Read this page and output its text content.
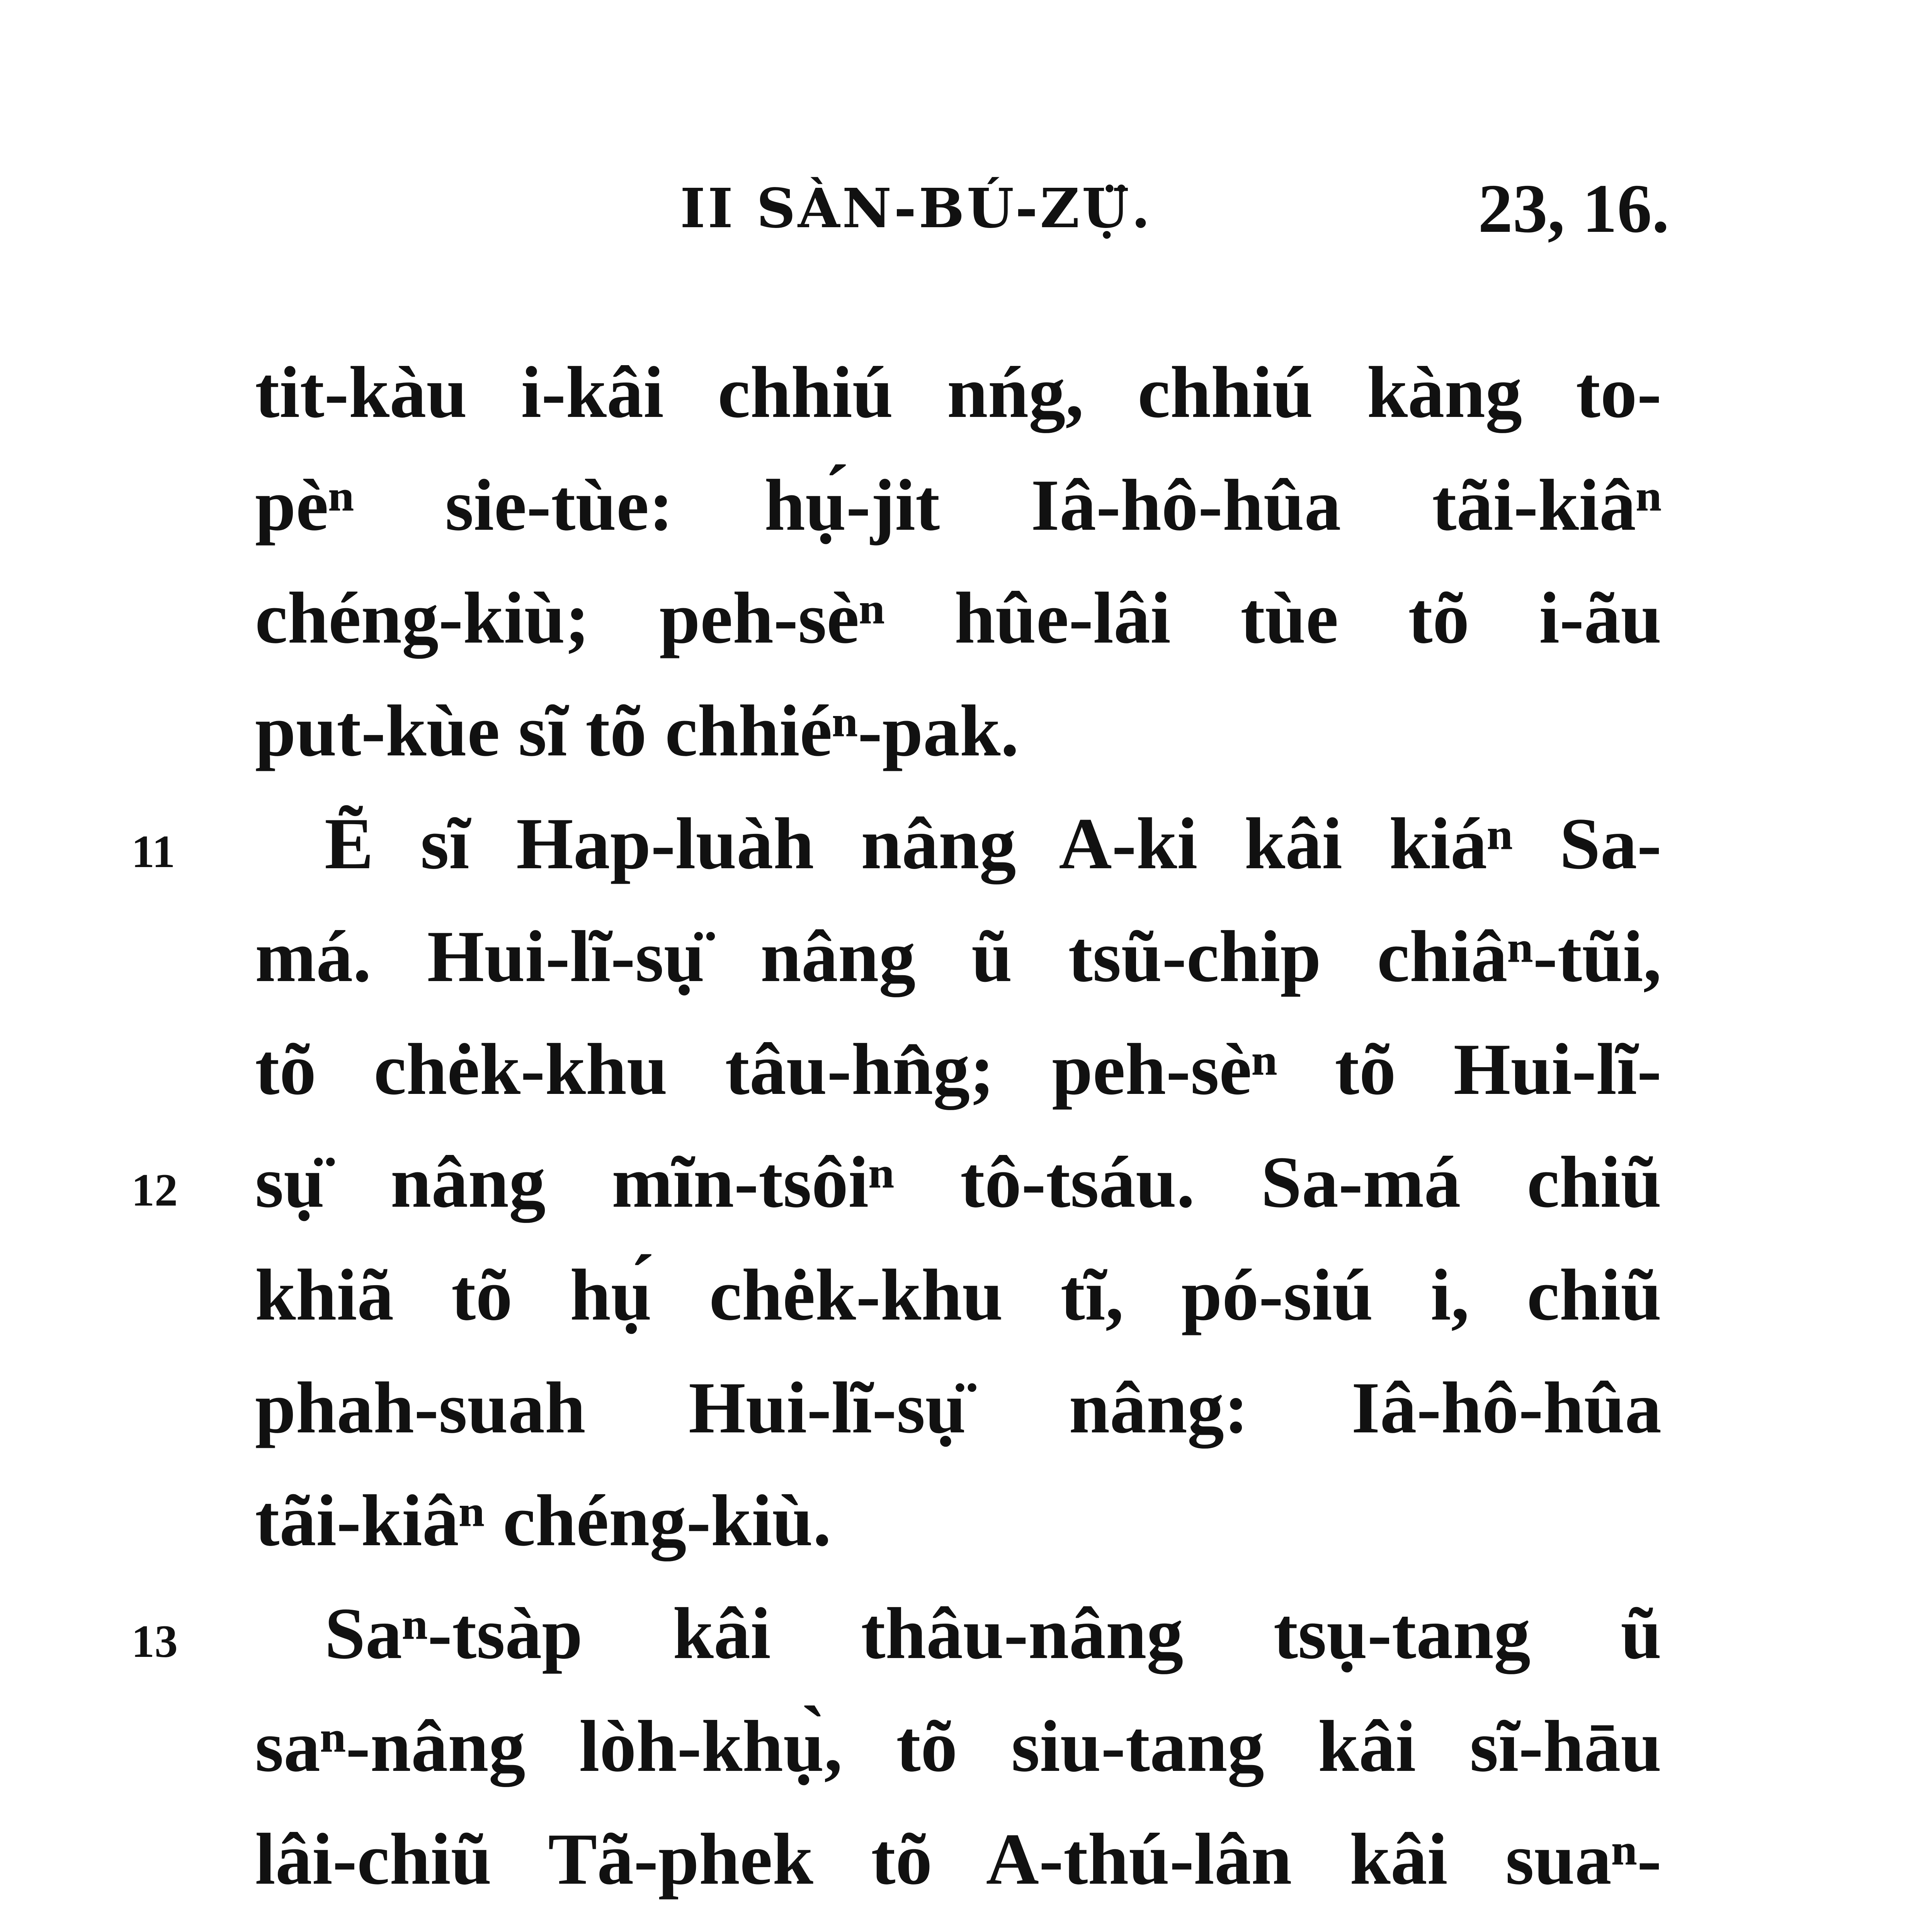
II SÀN-BÚ-ZỤ̈.	23, 16.
tit-kàu i-kâi chhiú nńg, chhiú kàng to-
pèⁿ sie-tùe: hụ́-jit Iâ-hô-hûa tãi-kiâⁿ
chéng-kiù; peh-sèⁿ hûe-lâi tùe tõ i-ãu
put-kùe sĩ tõ chhiéⁿ-pak.
11 Ẽ sĩ Hap-luàh nâng A-ki kâi kiáⁿ Sa-
má. Hui-lĩ-sụ̈ nâng ũ tsũ-chip chiâⁿ-tũi,
tõ chėk-khu tâu-hn̂g; peh-sèⁿ tõ Hui-lĩ-
12 sụ̈ nâng mĩn-tsôiⁿ tô-tsáu. Sa-má chiũ
khiã tõ hụ́ chėk-khu tĩ, pó-siú i, chiũ
phah-suah Hui-lĩ-sụ̈ nâng: Iâ-hô-hûa
tãi-kiâⁿ chéng-kiù.
13 Saⁿ-tsàp kâi thâu-nâng tsụ-tang ũ
saⁿ-nâng lòh-khụ̀, tõ siu-tang kâi sĩ-hāu
lâi-chiũ Tã-phek tõ A-thú-lân kâi suaⁿ-
